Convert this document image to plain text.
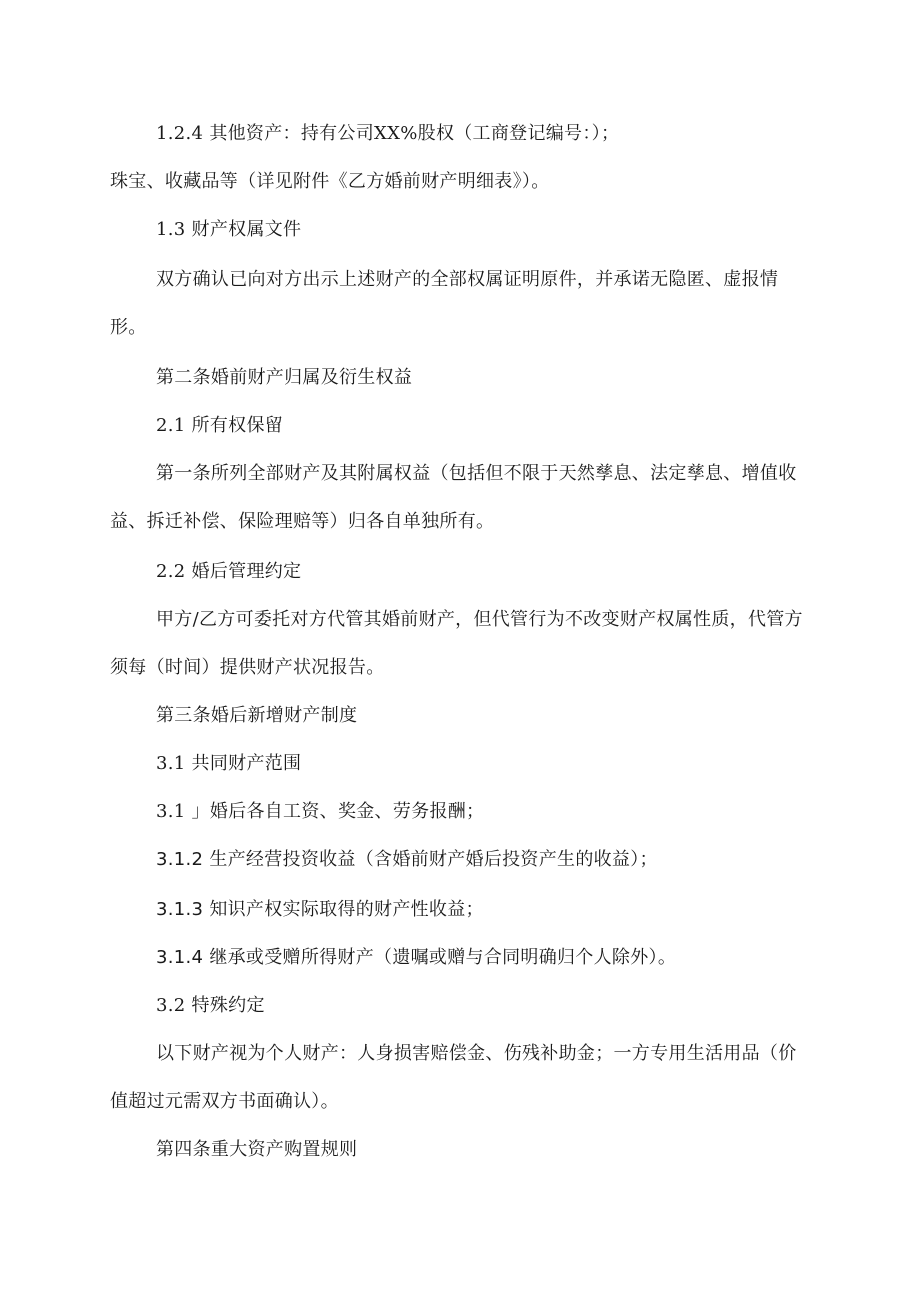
1.2.4 其他资产：持有公司XX%股权（工商登记编号：）；
珠宝、收藏品等（详见附件《乙方婚前财产明细表》）。
1.3 财产权属文件
双方确认已向对方出示上述财产的全部权属证明原件，并承诺无隐匿、虚报情
形。
第二条婚前财产归属及衍生权益
2.1 所有权保留
第一条所列全部财产及其附属权益（包括但不限于天然孳息、法定孳息、增值收
益、拆迁补偿、保险理赔等）归各自单独所有。
2.2 婚后管理约定
甲方/乙方可委托对方代管其婚前财产，但代管行为不改变财产权属性质，代管方
须每（时间）提供财产状况报告。
第三条婚后新增财产制度
3.1 共同财产范围
3.1 」婚后各自工资、奖金、劳务报酬；
3.1.2 生产经营投资收益（含婚前财产婚后投资产生的收益）；
3.1.3 知识产权实际取得的财产性收益；
3.1.4 继承或受赠所得财产（遗嘱或赠与合同明确归个人除外）。
3.2 特殊约定
以下财产视为个人财产：人身损害赔偿金、伤残补助金；一方专用生活用品（价
值超过元需双方书面确认）。
第四条重大资产购置规则
